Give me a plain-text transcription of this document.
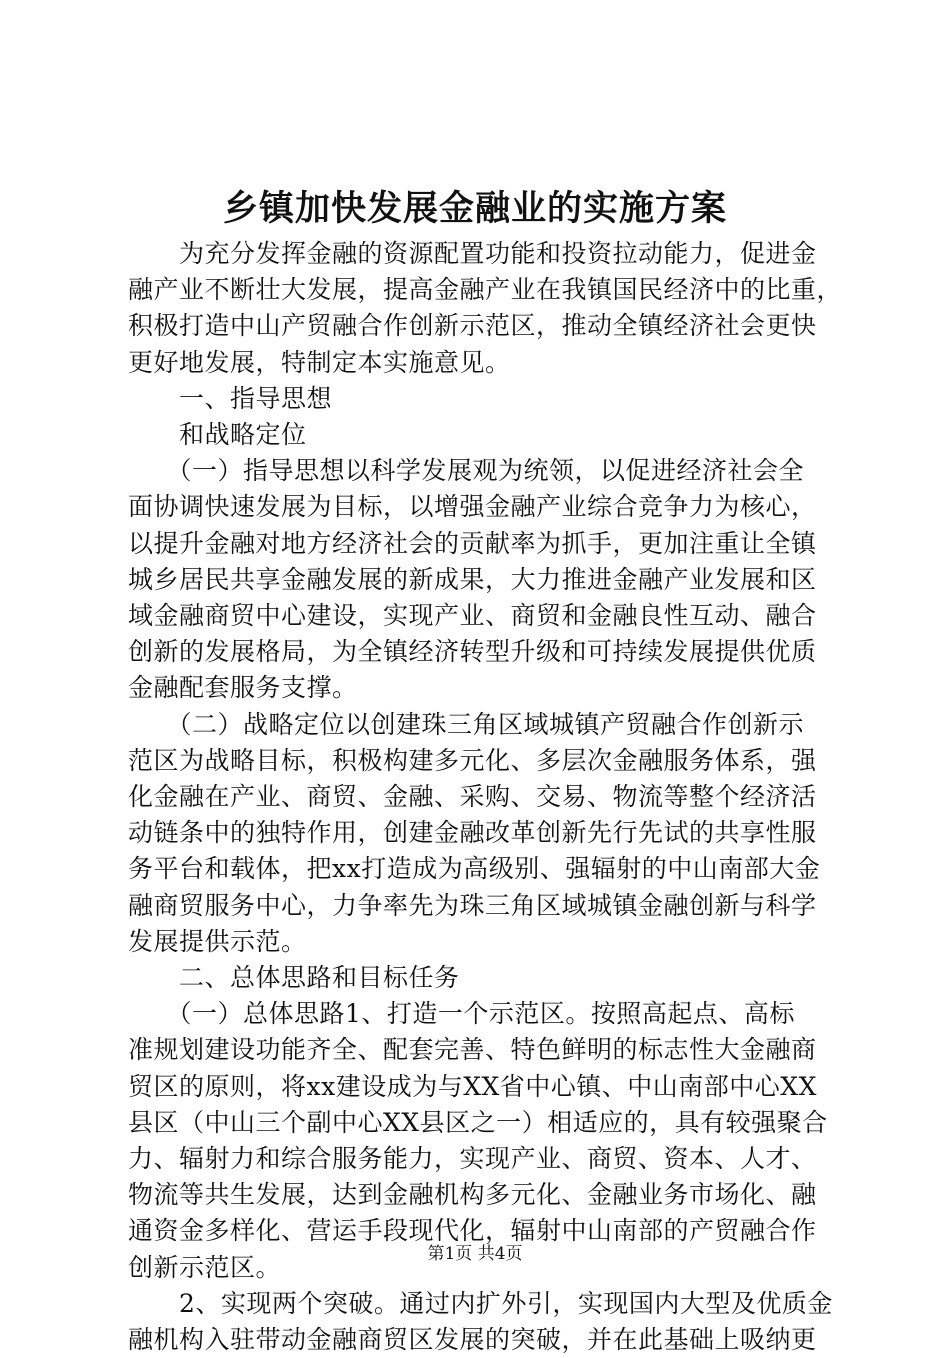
乡镇加快发展金融业的实施方案
　　为充分发挥金融的资源配置功能和投资拉动能力，促进金
融产业不断壮大发展，提高金融产业在我镇国民经济中的比重，
积极打造中山产贸融合作创新示范区，推动全镇经济社会更快
更好地发展，特制定本实施意见。
　　一、指导思想
　　和战略定位
　　（一）指导思想以科学发展观为统领，以促进经济社会全
面协调快速发展为目标，以增强金融产业综合竞争力为核心，
以提升金融对地方经济社会的贡献率为抓手，更加注重让全镇
城乡居民共享金融发展的新成果，大力推进金融产业发展和区
域金融商贸中心建设，实现产业、商贸和金融良性互动、融合
创新的发展格局，为全镇经济转型升级和可持续发展提供优质
金融配套服务支撑。
　　（二）战略定位以创建珠三角区域城镇产贸融合作创新示
范区为战略目标，积极构建多元化、多层次金融服务体系，强
化金融在产业、商贸、金融、采购、交易、物流等整个经济活
动链条中的独特作用，创建金融改革创新先行先试的共享性服
务平台和载体，把xx打造成为高级别、强辐射的中山南部大金
融商贸服务中心，力争率先为珠三角区域城镇金融创新与科学
发展提供示范。
　　二、总体思路和目标任务
　　（一）总体思路1、打造一个示范区。按照高起点、高标
准规划建设功能齐全、配套完善、特色鲜明的标志性大金融商
贸区的原则，将xx建设成为与XX省中心镇、中山南部中心XX
县区（中山三个副中心XX县区之一）相适应的，具有较强聚合
力、辐射力和综合服务能力，实现产业、商贸、资本、人才、
物流等共生发展，达到金融机构多元化、金融业务市场化、融
通资金多样化、营运手段现代化，辐射中山南部的产贸融合作
创新示范区。
　　2、实现两个突破。通过内扩外引，实现国内大型及优质金
融机构入驻带动金融商贸区发展的突破，并在此基础上吸纳更
第1页 共4页
